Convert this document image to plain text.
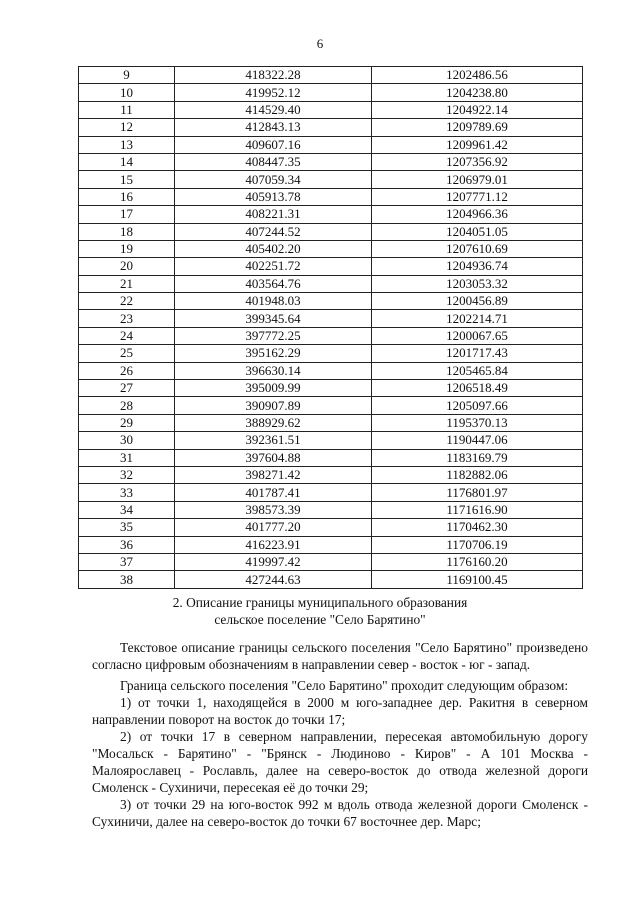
6
9	418322.28	1202486.56
10	419952.12	1204238.80
11	414529.40	1204922.14
12	412843.13	1209789.69
13	409607.16	1209961.42
14	408447.35	1207356.92
15	407059.34	1206979.01
16	405913.78	1207771.12
17	408221.31	1204966.36
18	407244.52	1204051.05
19	405402.20	1207610.69
20	402251.72	1204936.74
21	403564.76	1203053.32
22	401948.03	1200456.89
23	399345.64	1202214.71
24	397772.25	1200067.65
25	395162.29	1201717.43
26	396630.14	1205465.84
27	395009.99	1206518.49
28	390907.89	1205097.66
29	388929.62	1195370.13
30	392361.51	1190447.06
31	397604.88	1183169.79
32	398271.42	1182882.06
33	401787.41	1176801.97
34	398573.39	1171616.90
35	401777.20	1170462.30
36	416223.91	1170706.19
37	419997.42	1176160.20
38	427244.63	1169100.45
2. Описание границы муниципального образования
сельское поселение "Село Барятино"

Текстовое описание границы сельского поселения "Село Барятино" произведено согласно цифровым обозначениям в направлении север - восток - юг - запад.

Граница сельского поселения "Село Барятино" проходит следующим образом:

1) от точки 1, находящейся в 2000 м юго-западнее дер. Ракитня в северном направлении поворот на восток до точки 17;

2) от точки 17 в северном направлении, пересекая автомобильную дорогу "Мосальск - Барятино" - "Брянск - Людиново - Киров" - А 101 Москва - Малоярославец - Рославль, далее на северо-восток до отвода железной дороги Смоленск - Сухиничи, пересекая её до точки 29;

3) от точки 29 на юго-восток 992 м вдоль отвода железной дороги Смоленск - Сухиничи, далее на северо-восток до точки 67 восточнее дер. Марс;
